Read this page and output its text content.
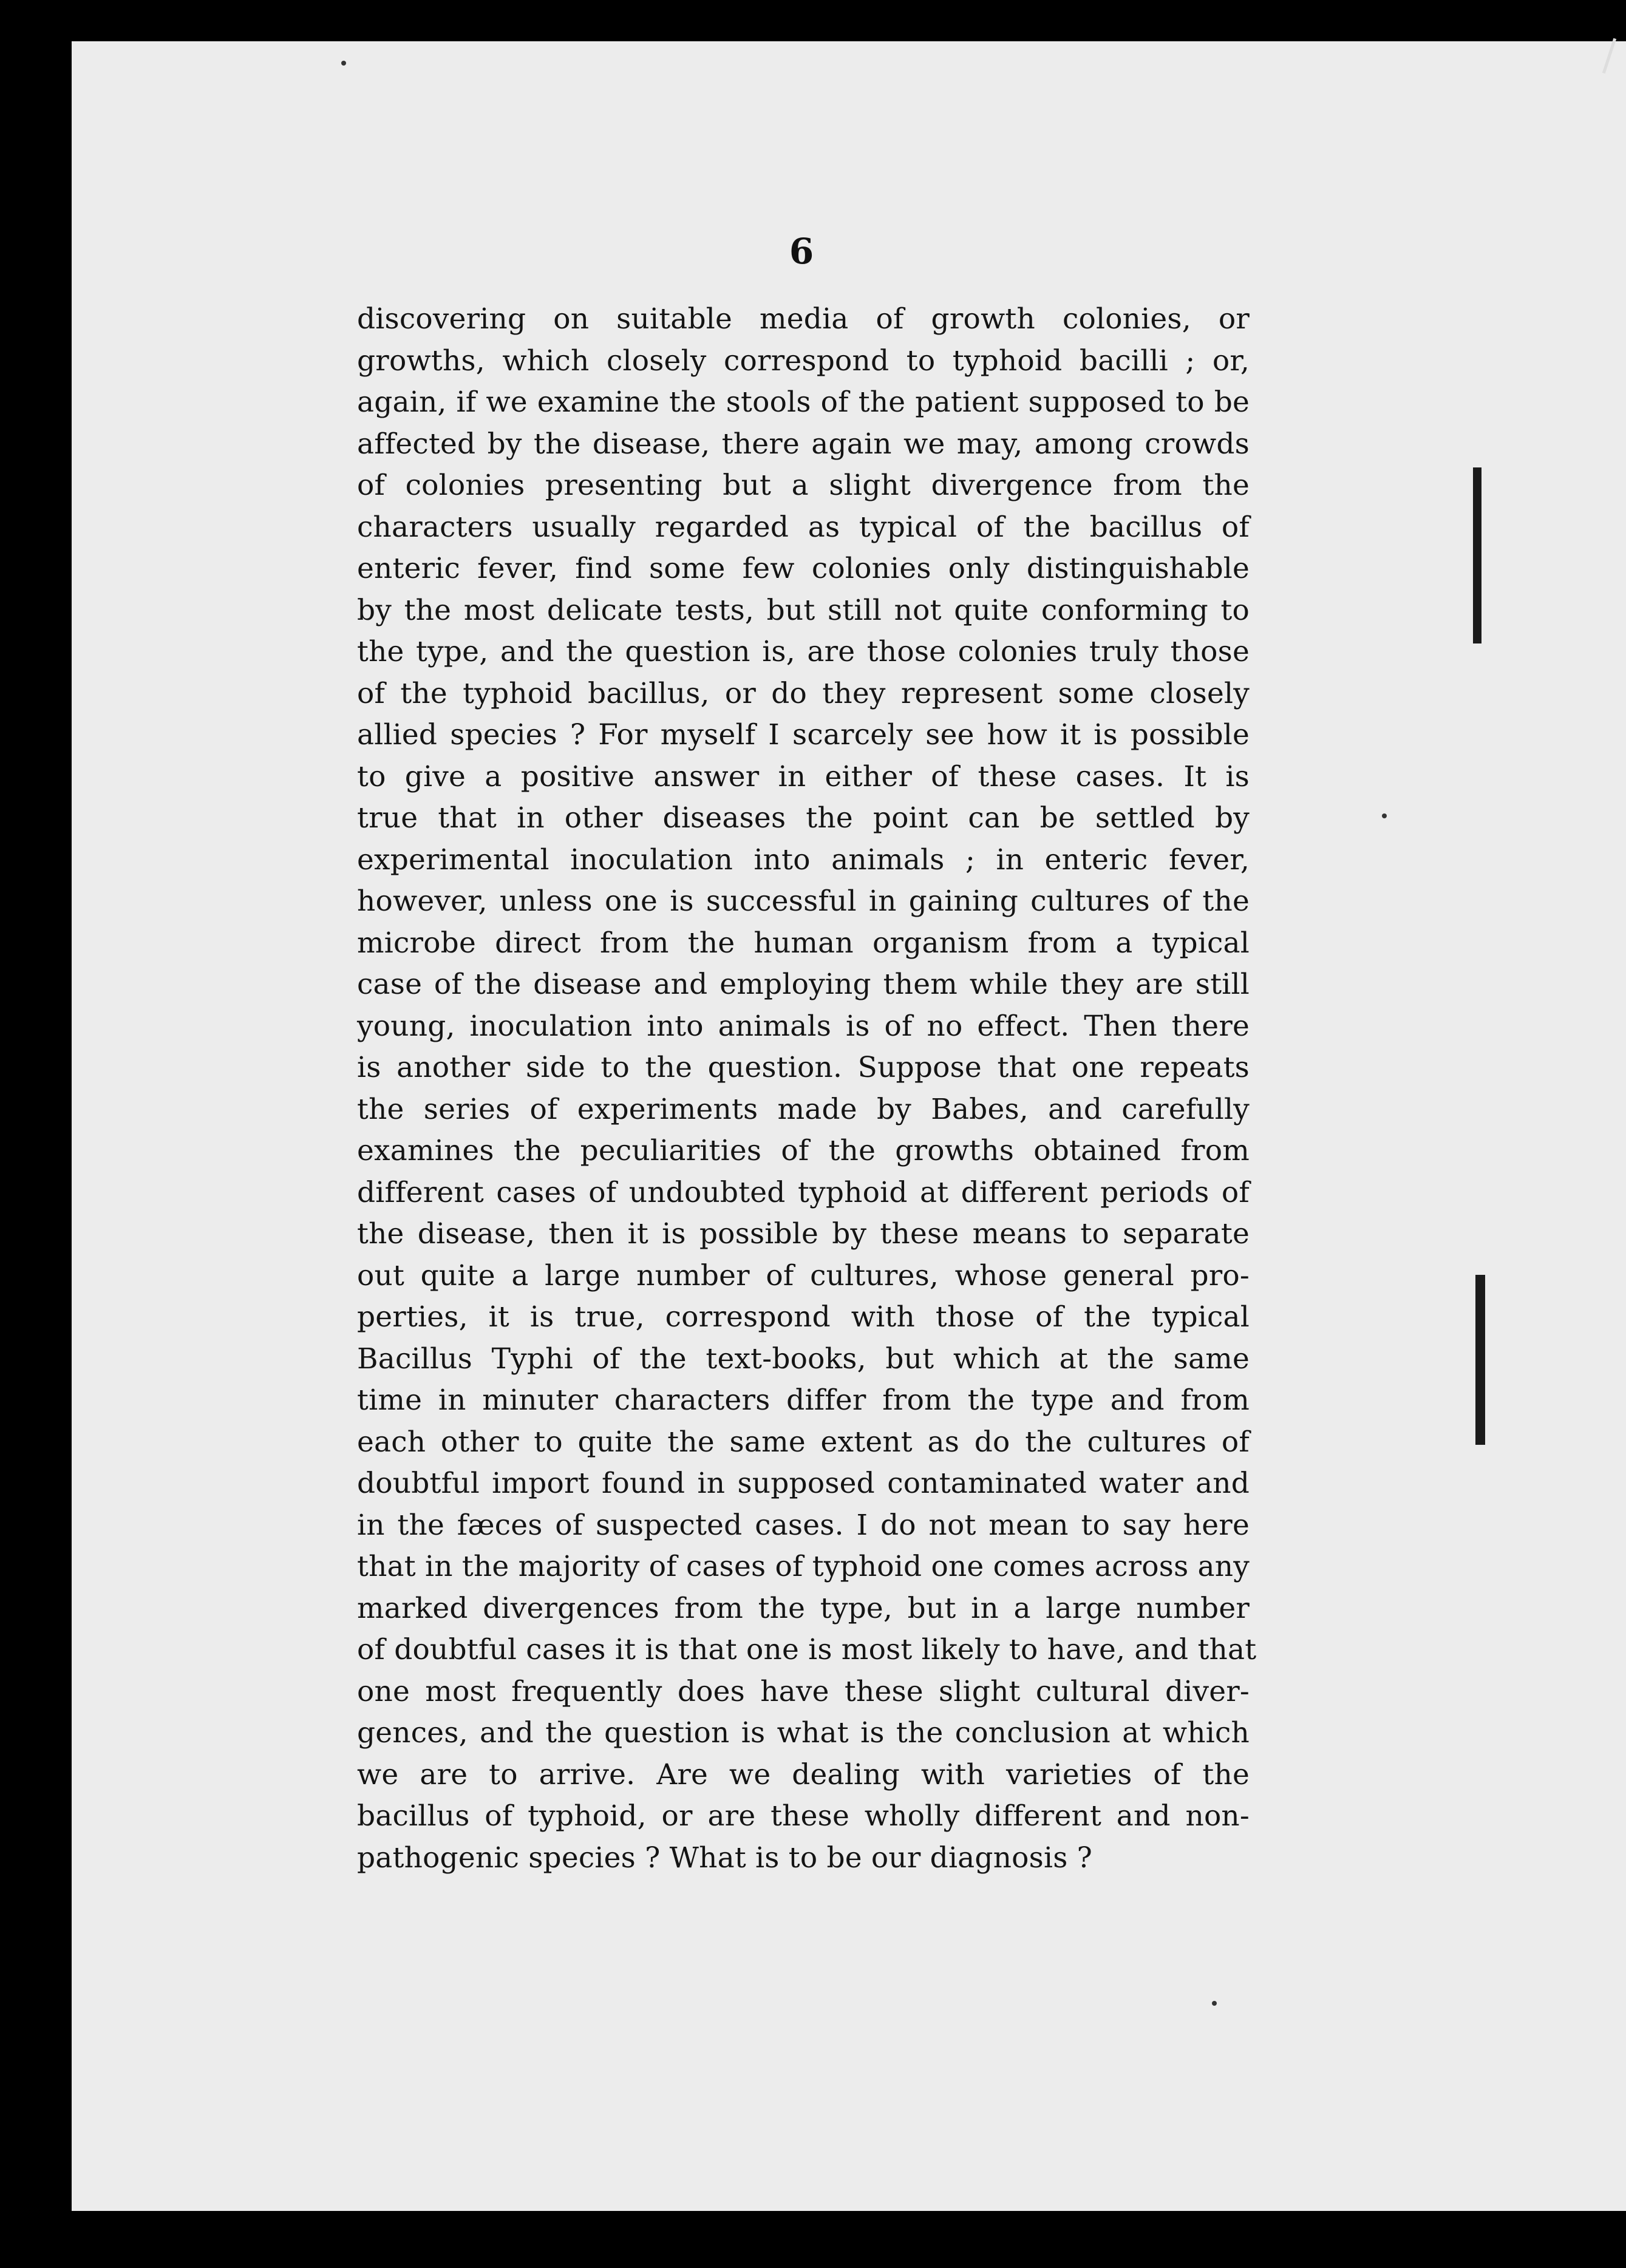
6
discovering on suitable media of growth colonies, or
growths, which closely correspond to typhoid bacilli ; or,
again, if we examine the stools of the patient supposed to be
affected by the disease, there again we may, among crowds
of colonies presenting but a slight divergence from the
characters usually regarded as typical of the bacillus of
enteric fever, find some few colonies only distinguishable
by the most delicate tests, but still not quite conforming to
the type, and the question is, are those colonies truly those
of the typhoid bacillus, or do they represent some closely
allied species ? For myself I scarcely see how it is possible
to give a positive answer in either of these cases. It is
true that in other diseases the point can be settled by
experimental inoculation into animals ; in enteric fever,
however, unless one is successful in gaining cultures of the
microbe direct from the human organism from a typical
case of the disease and employing them while they are still
young, inoculation into animals is of no effect. Then there
is another side to the question. Suppose that one repeats
the series of experiments made by Babes, and carefully
examines the peculiarities of the growths obtained from
different cases of undoubted typhoid at different periods of
the disease, then it is possible by these means to separate
out quite a large number of cultures, whose general pro-
perties, it is true, correspond with those of the typical
Bacillus Typhi of the text-books, but which at the same
time in minuter characters differ from the type and from
each other to quite the same extent as do the cultures of
doubtful import found in supposed contaminated water and
in the fæces of suspected cases. I do not mean to say here
that in the majority of cases of typhoid one comes across any
marked divergences from the type, but in a large number
of doubtful cases it is that one is most likely to have, and that
one most frequently does have these slight cultural diver-
gences, and the question is what is the conclusion at which
we are to arrive. Are we dealing with varieties of the
bacillus of typhoid, or are these wholly different and non-
pathogenic species ? What is to be our diagnosis ?
